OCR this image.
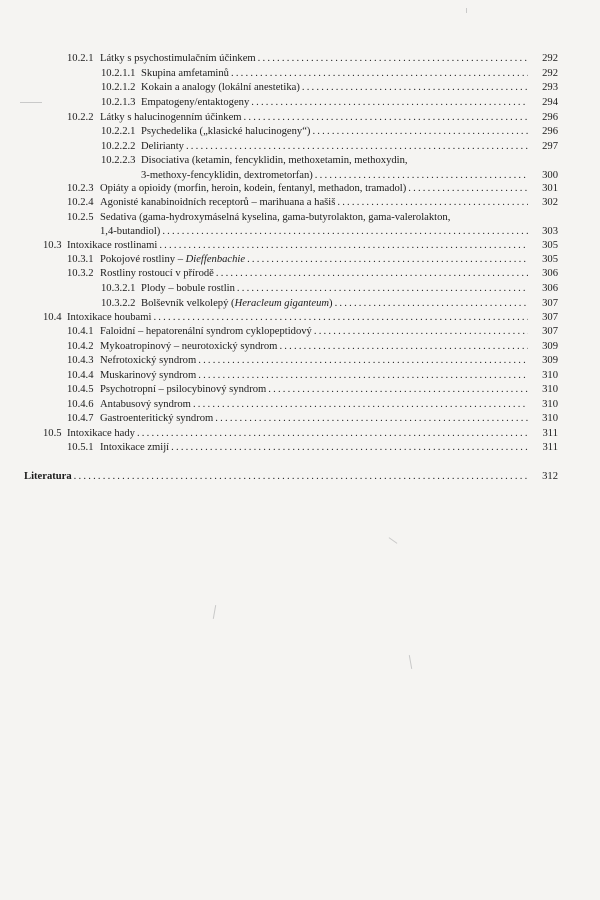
10.2.1 Látky s psychostimulačním účinkem .....	292
10.2.1.1 Skupina amfetaminů .....	292
10.2.1.2 Kokain a analogy (lokální anestetika) .....	293
10.2.1.3 Empatogeny/entaktogeny .....	294
10.2.2 Látky s halucinogenním účinkem .....	296
10.2.2.1 Psychedelika („klasické halucinogeny“) .....	296
10.2.2.2 Delirianty .....	297
10.2.2.3 Disociativa (ketamin, fencyklidin, methoxetamin, methoxydin,
3-methoxy-fencyklidin, dextrometorfan) .....	300
10.2.3 Opiáty a opioidy (morfin, heroin, kodein, fentanyl, methadon, tramadol) .....	301
10.2.4 Agonisté kanabinoidních receptorů – marihuana a hašiš .....	302
10.2.5 Sedativa (gama-hydroxymáselná kyselina, gama-butyrolakton, gama-valerolakton,
1,4-butandiol) .....	303
10.3 Intoxikace rostlinami .....	305
10.3.1 Pokojové rostliny – Dieffenbachie .....	305
10.3.2 Rostliny rostoucí v přírodě .....	306
10.3.2.1 Plody – bobule rostlin .....	306
10.3.2.2 Bolševník velkolepý (Heracleum giganteum) .....	307
10.4 Intoxikace houbami .....	307
10.4.1 Faloidní – hepatorenální syndrom cyklopeptidový .....	307
10.4.2 Mykoatropinový – neurotoxický syndrom .....	309
10.4.3 Nefrotoxický syndrom .....	309
10.4.4 Muskarinový syndrom .....	310
10.4.5 Psychotropní – psilocybinový syndrom .....	310
10.4.6 Antabusový syndrom .....	310
10.4.7 Gastroenteritický syndrom .....	310
10.5 Intoxikace hady .....	311
10.5.1 Intoxikace zmijí .....	311
Literatura .....	312
